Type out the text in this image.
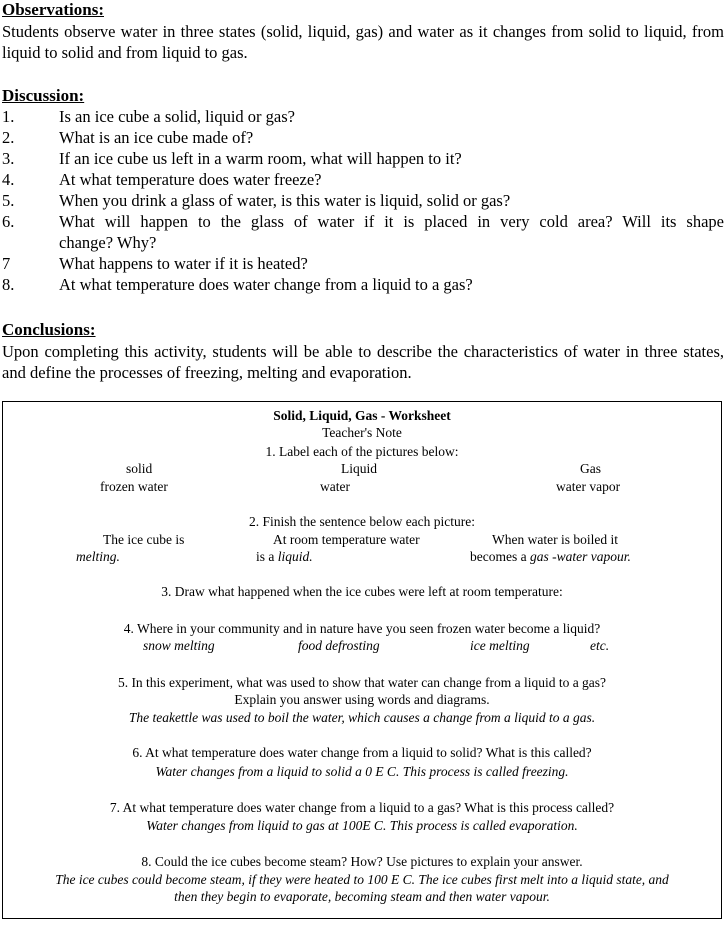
Observations:
Students observe water in three states (solid, liquid, gas) and water as it changes from solid to liquid, from liquid to solid and from liquid to gas.
Discussion:
1.	Is an ice cube a solid, liquid or gas?
2.	What is an ice cube made of?
3.	If an ice cube us left in a warm room, what will happen to it?
4.	At what temperature does water freeze?
5.	When you drink a glass of water, is this water is liquid, solid or gas?
6.	What will happen to the glass of water if it is placed in very cold area? Will its shape
change? Why?
7	What happens to water if it is heated?
8.	At what temperature does water change from a liquid to a gas?
Conclusions:
Upon completing this activity, students will be able to describe the characteristics of water in three states, and define the processes of freezing, melting and evaporation.
Solid, Liquid, Gas - Worksheet
Teacher's Note
1. Label each of the pictures below:
solid	Liquid	Gas
frozen water	water	water vapor
2. Finish the sentence below each picture:
The ice cube is	At room temperature water	When water is boiled it
melting.	is a liquid.	becomes a gas -water vapour.
3. Draw what happened when the ice cubes were left at room temperature:
4. Where in your community and in nature have you seen frozen water become a liquid?
snow melting	food defrosting	ice melting	etc.
5. In this experiment, what was used to show that water can change from a liquid to a gas?
Explain you answer using words and diagrams.
The teakettle was used to boil the water, which causes a change from a liquid to a gas.
6. At what temperature does water change from a liquid to solid? What is this called?
Water changes from a liquid to solid a 0 E C. This process is called freezing.
7. At what temperature does water change from a liquid to a gas? What is this process called?
Water changes from liquid to gas at 100E C. This process is called evaporation.
8. Could the ice cubes become steam? How? Use pictures to explain your answer.
The ice cubes could become steam, if they were heated to 100 E C. The ice cubes first melt into a liquid state, and
then they begin to evaporate, becoming steam and then water vapour.
